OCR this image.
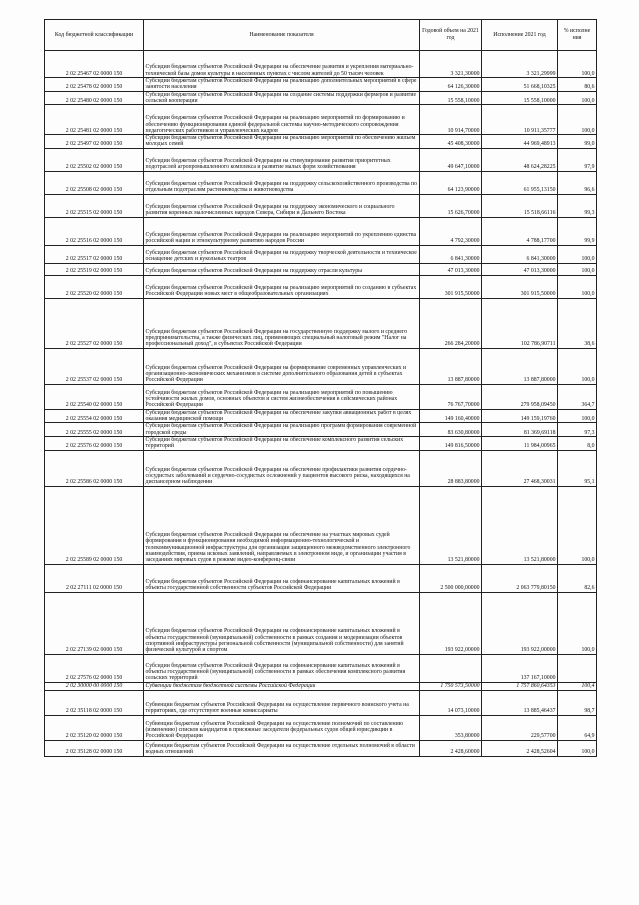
Код бюджетной классификации	Наименование показателя	Годовой объем на 2021 год	Исполнение 2021 год	% исполне ния
2 02 25467 02 0000 150	Субсидии бюджетам субъектов Российской Федерации на обеспечение развития и укрепления материально-технической базы домов культуры в населенных пунктах с числом жителей до 50 тысяч человек	3 321,30000	3 321,29999	100,0
2 02 25478 02 0000 150	Субсидии бюджетам субъектов Российской Федерации на реализацию дополнительных мероприятий в сфере занятости населения	64 126,30000	51 668,10325	80,6
2 02 25480 02 0000 150	Субсидии бюджетам субъектов Российской Федерации на создание системы поддержки фермеров и развитие сельской кооперации	15 558,10000	15 558,10000	100,0
2 02 25481 02 0000 150	Субсидии бюджетам субъектов Российской Федерации на реализацию мероприятий по формированию и обеспечению функционирования единой федеральной системы научно-методического сопровождения педагогических работников и управленческих кадров	10 914,70000	10 911,35777	100,0
2 02 25497 02 0000 150	Субсидии бюджетам субъектов Российской Федерации на реализацию мероприятий по обеспечению жильем молодых семей	45 408,30000	44 969,48913	99,0
2 02 25502 02 0000 150	Субсидии бюджетам субъектов Российской Федерации на стимулирование развития приоритетных подотраслей агропромышленного комплекса и развитие малых форм хозяйствования	49 647,10000	48 624,28225	97,9
2 02 25508 02 0000 150	Субсидии бюджетам субъектов Российской Федерации на поддержку сельскохозяйственного производства по отдельным подотраслям растениеводства и животноводства	64 123,90000	61 955,13150	96,6
2 02 25515 02 0000 150	Субсидии бюджетам субъектов Российской Федерации на поддержку экономического и социального развития коренных малочисленных народов Севера, Сибири и Дальнего Востока	15 626,70000	15 518,66116	99,3
2 02 25516 02 0000 150	Субсидии бюджетам субъектов Российской Федерации на реализацию мероприятий по укреплению единства российской нации и этнокультурному развитию народов России	4 792,30000	4 788,17700	99,9
2 02 25517 02 0000 150	Субсидии бюджетам субъектов Российской Федерации на поддержку творческой деятельности и техническое оснащение детских и кукольных театров	6 841,30000	6 841,30000	100,0
2 02 25519 02 0000 150	Субсидии бюджетам субъектов Российской Федерации на поддержку отрасли культуры	47 013,30000	47 013,30000	100,0
2 02 25520 02 0000 150	Субсидии бюджетам субъектов Российской Федерации на реализацию мероприятий по созданию в субъектах Российской Федерации новых мест в общеобразовательных организациях	301 915,50000	301 915,50000	100,0
2 02 25527 02 0000 150	Субсидии бюджетам субъектов Российской Федерации на государственную поддержку малого и среднего предпринимательства, а также физических лиц, применяющих специальный налоговый режим "Налог на профессиональный доход", в субъектах Российской Федерации	266 284,20000	102 786,90711	38,6
2 02 25537 02 0000 150	Субсидии бюджетам субъектов Российской Федерации на формирование современных управленческих и организационно-экономических механизмов в системе дополнительного образования детей в субъектах Российской Федерации	13 887,80000	13 887,80000	100,0
2 02 25540 02 0000 150	Субсидии бюджетам субъектов Российской Федерации на реализацию мероприятий по повышению устойчивости жилых домов, основных объектов и систем жизнеобеспечения в сейсмических районах Российской Федерации	76 767,70000	279 958,09450	364,7
2 02 25554 02 0000 150	Субсидии бюджетам субъектов Российской Федерации на обеспечение закупки авиационных работ в целях оказания медицинской помощи	149 160,40000	149 159,19760	100,0
2 02 25555 02 0000 150	Субсидии бюджетам субъектов Российской Федерации на реализацию программ формирования современной городской среды	83 630,80000	81 369,69118	97,3
2 02 25576 02 0000 150	Субсидии бюджетам субъектов Российской Федерации на обеспечение комплексного развития сельских территорий	149 816,50000	11 984,00965	8,0
2 02 25586 02 0000 150	Субсидии бюджетам субъектов Российской Федерации на обеспечение профилактики развития сердечно-сосудистых заболеваний и сердечно-сосудистых осложнений у пациентов высокого риска, находящихся на диспансерном наблюдении	28 883,80000	27 468,30031	95,1
2 02 25589 02 0000 150	Субсидии бюджетам субъектов Российской Федерации на обеспечение на участках мировых судей формирования и функционирования необходимой информационно-технологической и телекоммуникационной инфраструктуры для организации защищенного межведомственного электронного взаимодействия, приема исковых заявлений, направляемых в электронном виде, и организации участия в заседаниях мировых судов в режиме видео-конференц-связи	13 521,80000	13 521,80000	100,0
2 02 27111 02 0000 150	Субсидии бюджетам субъектов Российской Федерации на софинансирование капитальных вложений в объекты государственной собственности субъектов Российской Федерации	2 500 000,00000	2 063 779,80150	82,6
2 02 27139 02 0000 150	Субсидии бюджетам субъектов Российской Федерации на софинансирование капитальных вложений в объекты государственной (муниципальной) собственности в рамках создания и модернизации объектов спортивной инфраструктуры региональной собственности (муниципальной собственности) для занятий физической культурой и спортом	193 922,00000	193 922,00000	100,0
2 02 27576 02 0000 150	Субсидии бюджетам субъектов Российской Федерации на софинансирование капитальных вложений в объекты государственной (муниципальной) собственности в рамках обеспечения комплексного развития сельских территорий		137 167,10000	
2 02 30000 00 0000 150	Субвенции бюджетам бюджетной системы Российской Федерации	1 750 573,50000	1 757 860,64353	100,4
2 02 35118 02 0000 150	Субвенции бюджетам субъектов Российской Федерации на осуществление первичного воинского учета на территориях, где отсутствуют военные комиссариаты	14 073,10000	13 885,46437	98,7
2 02 35120 02 0000 150	Субвенции бюджетам субъектов Российской Федерации на осуществление полномочий по составлению (изменению) списков кандидатов в присяжные заседатели федеральных судов общей юрисдикции в Российской Федерации	353,80000	229,57700	64,9
2 02 35128 02 0000 150	Субвенции бюджетам субъектов Российской Федерации на осуществление отдельных полномочий в области водных отношений	2 428,60000	2 428,52604	100,0
